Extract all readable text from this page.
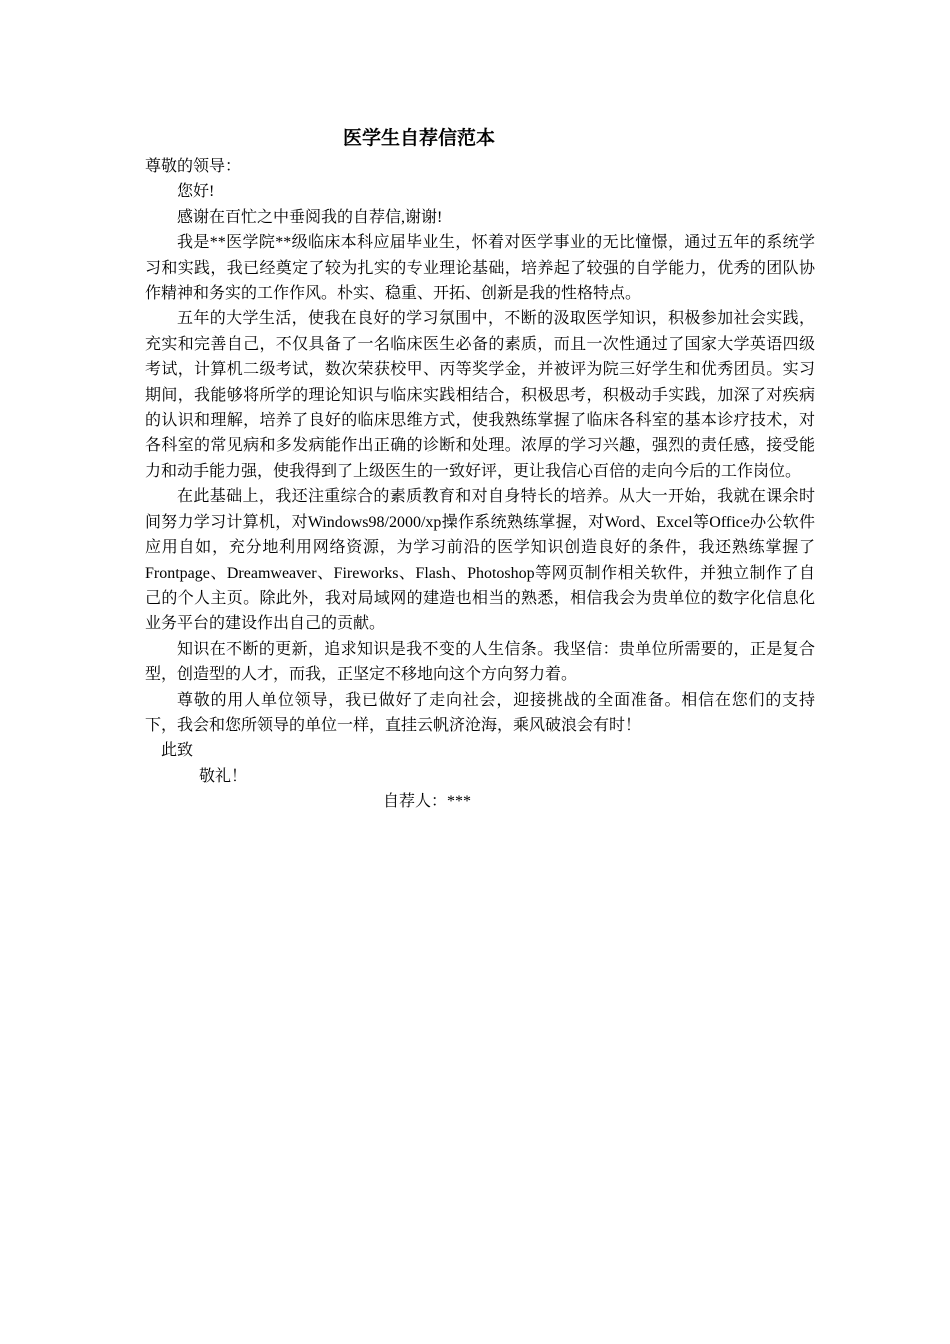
医学生自荐信范本

尊敬的领导：

您好!

感谢在百忙之中垂阅我的自荐信,谢谢!

我是**医学院**级临床本科应届毕业生，怀着对医学事业的无比憧憬，通过五年的系统学习和实践，我已经奠定了较为扎实的专业理论基础，培养起了较强的自学能力，优秀的团队协作精神和务实的工作作风。朴实、稳重、开拓、创新是我的性格特点。

五年的大学生活，使我在良好的学习氛围中，不断的汲取医学知识，积极参加社会实践，充实和完善自己，不仅具备了一名临床医生必备的素质，而且一次性通过了国家大学英语四级考试，计算机二级考试，数次荣获校甲、丙等奖学金，并被评为院三好学生和优秀团员。实习期间，我能够将所学的理论知识与临床实践相结合，积极思考，积极动手实践，加深了对疾病的认识和理解，培养了良好的临床思维方式，使我熟练掌握了临床各科室的基本诊疗技术，对各科室的常见病和多发病能作出正确的诊断和处理。浓厚的学习兴趣，强烈的责任感，接受能力和动手能力强，使我得到了上级医生的一致好评，更让我信心百倍的走向今后的工作岗位。

在此基础上，我还注重综合的素质教育和对自身特长的培养。从大一开始，我就在课余时间努力学习计算机，对Windows98/2000/xp操作系统熟练掌握，对Word、Excel等Office办公软件应用自如，充分地利用网络资源，为学习前沿的医学知识创造良好的条件，我还熟练掌握了Frontpage、Dreamweaver、Fireworks、Flash、Photoshop等网页制作相关软件，并独立制作了自己的个人主页。除此外，我对局域网的建造也相当的熟悉，相信我会为贵单位的数字化信息化业务平台的建设作出自己的贡献。

知识在不断的更新，追求知识是我不变的人生信条。我坚信：贵单位所需要的，正是复合型，创造型的人才，而我，正坚定不移地向这个方向努力着。

尊敬的用人单位领导，我已做好了走向社会，迎接挑战的全面准备。相信在您们的支持下，我会和您所领导的单位一样，直挂云帆济沧海，乘风破浪会有时！

此致

敬礼！

自荐人：***
